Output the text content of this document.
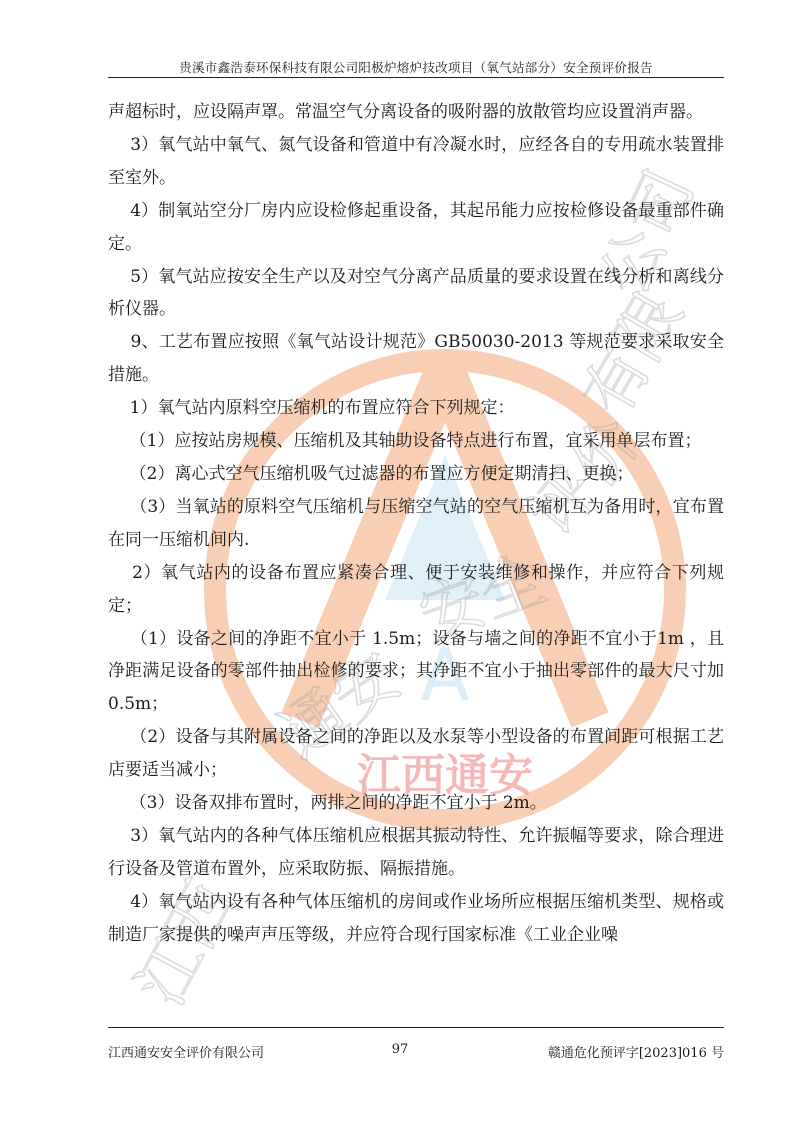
贵溪市鑫浩泰环保科技有限公司阳极炉熔炉技改项目（氧气站部分）安全预评价报告
A
江西通安
江西
通安
安全
评价
有限
公司

声超标时，应设隔声罩。常温空气分离设备的吸附器的放散管均应设置消声器。

3）氧气站中氧气、氮气设备和管道中有冷凝水时，应经各自的专用疏水装置排至室外。

4）制氧站空分厂房内应设检修起重设备，其起吊能力应按检修设备最重部件确定。

5）氧气站应按安全生产以及对空气分离产品质量的要求设置在线分析和离线分析仪器。

9、工艺布置应按照《氧气站设计规范》GB50030-2013 等规范要求采取安全措施。

1）氧气站内原料空压缩机的布置应符合下列规定：

（1）应按站房规模、压缩机及其轴助设备特点进行布置，宜采用单层布置；

（2）离心式空气压缩机吸气过滤器的布置应方便定期清扫、更换；

（3）当氧站的原料空气压缩机与压缩空气站的空气压缩机互为备用时，宜布置在同一压缩机间内.

2）氧气站内的设备布置应紧凑合理、便于安装维修和操作，并应符合下列规定；

（1）设备之间的净距不宜小于 1.5m；设备与墙之间的净距不宜小于1m ，且净距满足设备的零部件抽出检修的要求；其净距不宜小于抽出零部件的最大尺寸加 0.5m；

（2）设备与其附属设备之间的净距以及水泵等小型设备的布置间距可根据工艺店要适当减小；

（3）设备双排布置时，两排之间的净距不宜小于 2m。

3）氧气站内的各种气体压缩机应根据其振动特性、允许振幅等要求，除合理进行设备及管道布置外，应采取防振、隔振措施。

4）氧气站内设有各种气体压缩机的房间或作业场所应根据压缩机类型、规格或制造厂家提供的噪声声压等级，并应符合现行国家标准《工业企业噪

江西通安安全评价有限公司	97	赣通危化预评字[2023]016 号
